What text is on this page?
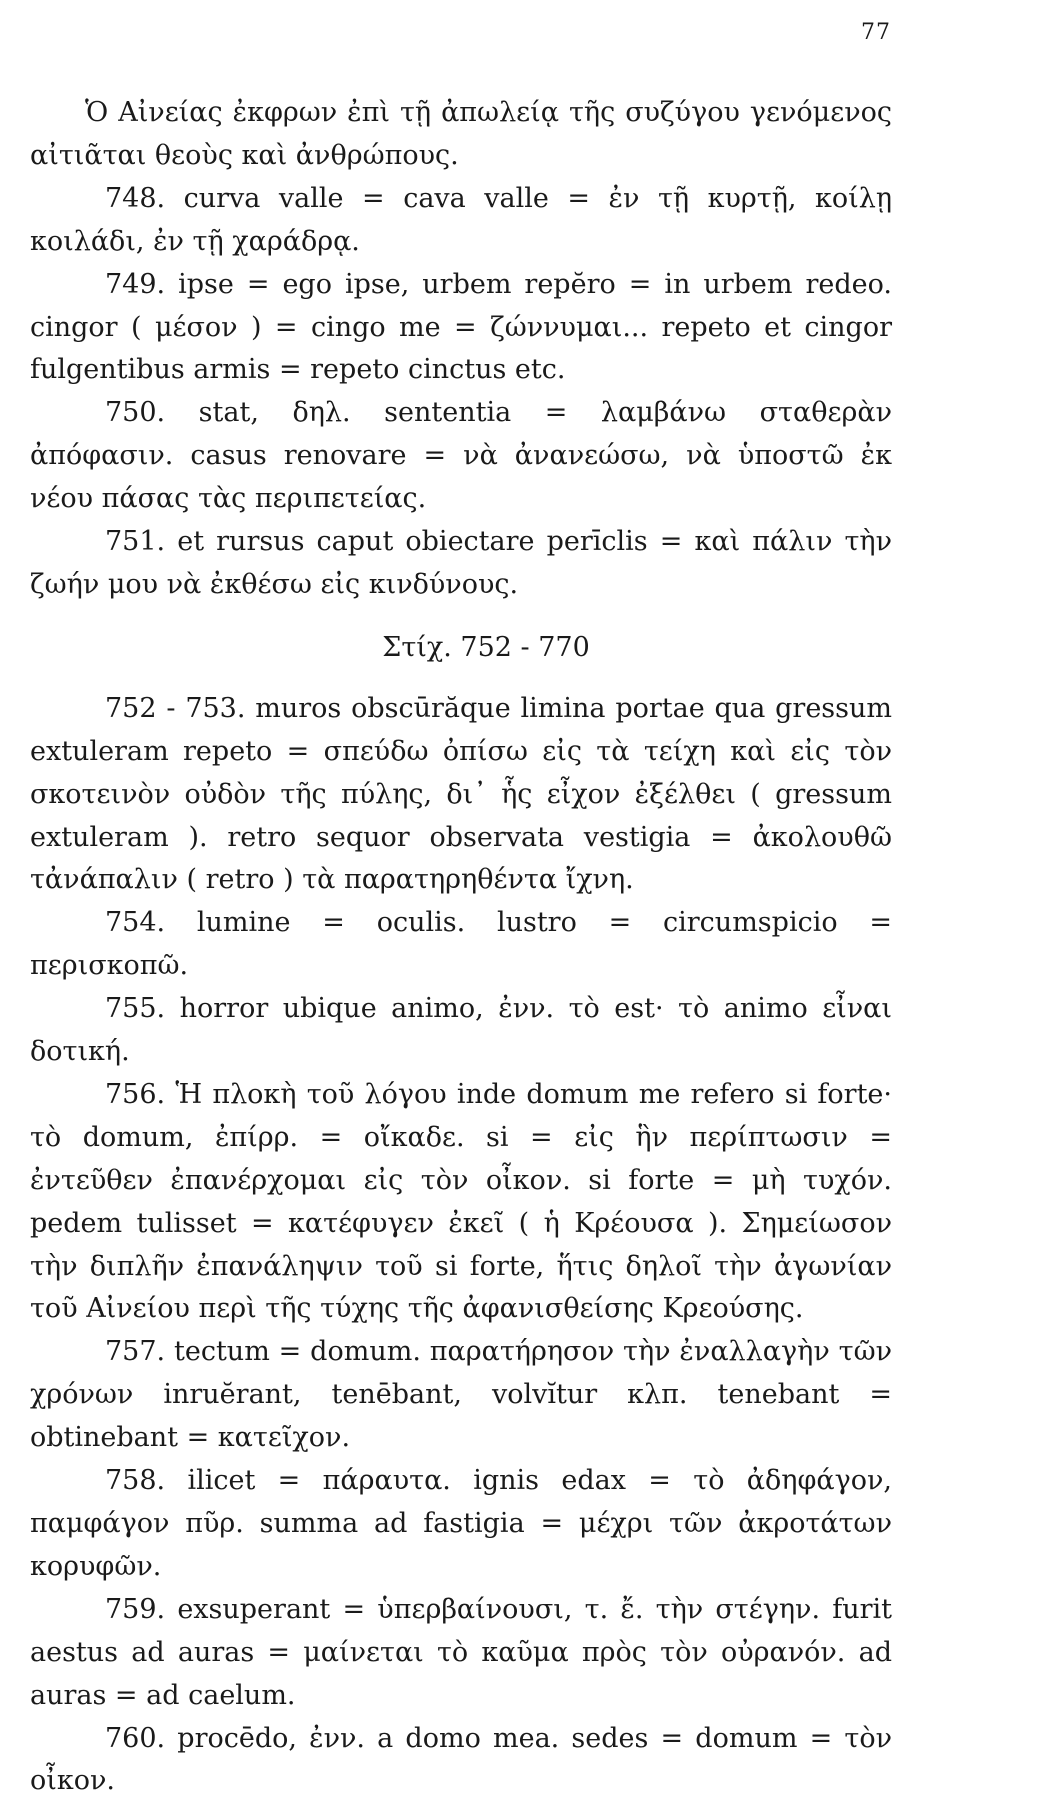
77

Ὁ Αἰνείας ἐκφρων ἐπὶ τῇ ἀπωλείᾳ τῆς συζύγου γενόμενος αἰτιᾶται θεοὺς καὶ ἀνθρώπους.

748. curva valle = cava valle = ἐν τῇ κυρτῇ, κοίλῃ κοιλάδι, ἐν τῇ χαράδρᾳ.

749. ipse = ego ipse, urbem repĕro = in urbem redeo. cingor ( μέσον ) = cingo me = ζώννυμαι... repeto et cingor fulgentibus armis = repeto cinctus etc.

750. stat, δηλ. sententia = λαμβάνω σταθερὰν ἀπόφασιν. casus renovare = νὰ ἀνανεώσω, νὰ ὑποστῶ ἐκ νέου πάσας τὰς περιπετείας.

751. et rursus caput obiectare perīclis = καὶ πάλιν τὴν ζωήν μου νὰ ἐκθέσω εἰς κινδύνους.

Στίχ. 752 - 770

752 - 753. muros obscūrăque limina portae qua gressum extuleram repeto = σπεύδω ὀπίσω εἰς τὰ τείχη καὶ εἰς τὸν σκοτεινὸν οὐδὸν τῆς πύλης, δι᾽ ἧς εἶχον ἐξέλθει ( gressum extuleram ). retro sequor observata vestigia = ἀκολουθῶ τἀνάπαλιν ( retro ) τὰ παρατηρηθέντα ἴχνη.

754. lumine = oculis. lustro = circumspicio = περισκοπῶ.

755. horror ubique animo, ἐνν. τὸ est· τὸ animo εἶναι δοτική.

756. Ἡ πλοκὴ τοῦ λόγου inde domum me refero si forte· τὸ domum, ἐπίρρ. = οἴκαδε. si = εἰς ἣν περίπτωσιν = ἐντεῦθεν ἐπανέρχομαι εἰς τὸν οἶκον. si forte = μὴ τυχόν. pedem tulisset = κατέφυγεν ἐκεῖ ( ἡ Κρέουσα ). Σημείωσον τὴν διπλῆν ἐπανάληψιν τοῦ si forte, ἥτις δηλοῖ τὴν ἀγωνίαν τοῦ Αἰνείου περὶ τῆς τύχης τῆς ἀφανισθείσης Κρεούσης.

757. tectum = domum. παρατήρησον τὴν ἐναλλαγὴν τῶν χρόνων inruĕrant, tenēbant, volvĭtur κλπ. tenebant = obtinebant = κατεῖχον.

758. ilicet = πάραυτα. ignis edax = τὸ ἀδηφάγον, παμφάγον πῦρ. summa ad fastigia = μέχρι τῶν ἀκροτάτων κορυφῶν.

759. exsuperant = ὑπερβαίνουσι, τ. ἔ. τὴν στέγην. furit aestus ad auras = μαίνεται τὸ καῦμα πρὸς τὸν οὐρανόν. ad auras = ad caelum.

760. procēdo, ἐνν. a domo mea. sedes = domum = τὸν οἶκον.
